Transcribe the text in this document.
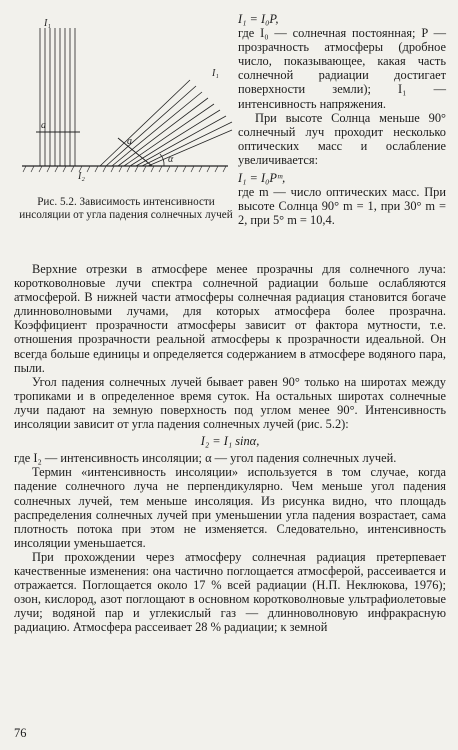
I₁
I₁
a
a
α
I₂
Рис. 5.2. Зависимость интенсивности инсоляции от угла падения солнечных лучей

I₁ = I₀P,

где I₀ — солнечная постоянная; P — прозрачность атмосферы (дробное число, показывающее, какая часть солнечной радиации достигает поверхности земли); I₁ — интенсивность напряжения.

При высоте Солнца меньше 90° солнечный луч проходит несколько оптических масс и ослабление увеличивается:

I₁ = I₀Pᵐ,

где m — число оптических масс. При высоте Солнца 90° m = 1, при 30° m = 2, при 5° m = 10,4.

Верхние отрезки в атмосфере менее прозрачны для солнечного луча: коротковолновые лучи спектра солнечной радиации больше ослабляются атмосферой. В нижней части атмосферы солнечная радиация становится богаче длинноволновыми лучами, для которых атмосфера более прозрачна. Коэффициент прозрачности атмосферы зависит от фактора мутности, т.е. отношения прозрачности реальной атмосферы к прозрачности идеальной. Он всегда больше единицы и определяется содержанием в атмосфере водяного пара, пыли.

Угол падения солнечных лучей бывает равен 90° только на широтах между тропиками и в определенное время суток. На остальных широтах солнечные лучи падают на земную поверхность под углом менее 90°. Интенсивность инсоляции зависит от угла падения солнечных лучей (рис. 5.2):

I₂ = I₁ sinα,

где I₂ — интенсивность инсоляции; α — угол падения солнечных лучей.

Термин «интенсивность инсоляции» используется в том случае, когда падение солнечного луча не перпендикулярно. Чем меньше угол падения солнечных лучей, тем меньше инсоляция. Из рисунка видно, что площадь распределения солнечных лучей при уменьшении угла падения возрастает, сама плотность потока при этом не изменяется. Следовательно, интенсивность инсоляции уменьшается.

При прохождении через атмосферу солнечная радиация претерпевает качественные изменения: она частично поглощается атмосферой, рассеивается и отражается. Поглощается около 17 % всей радиации (Н.П. Неклюкова, 1976); озон, кислород, азот поглощают в основном коротковолновые ультрафиолетовые лучи; водяной пар и углекислый газ — длинноволновую инфракрасную радиацию. Атмосфера рассеивает 28 % радиации; к земной

76
